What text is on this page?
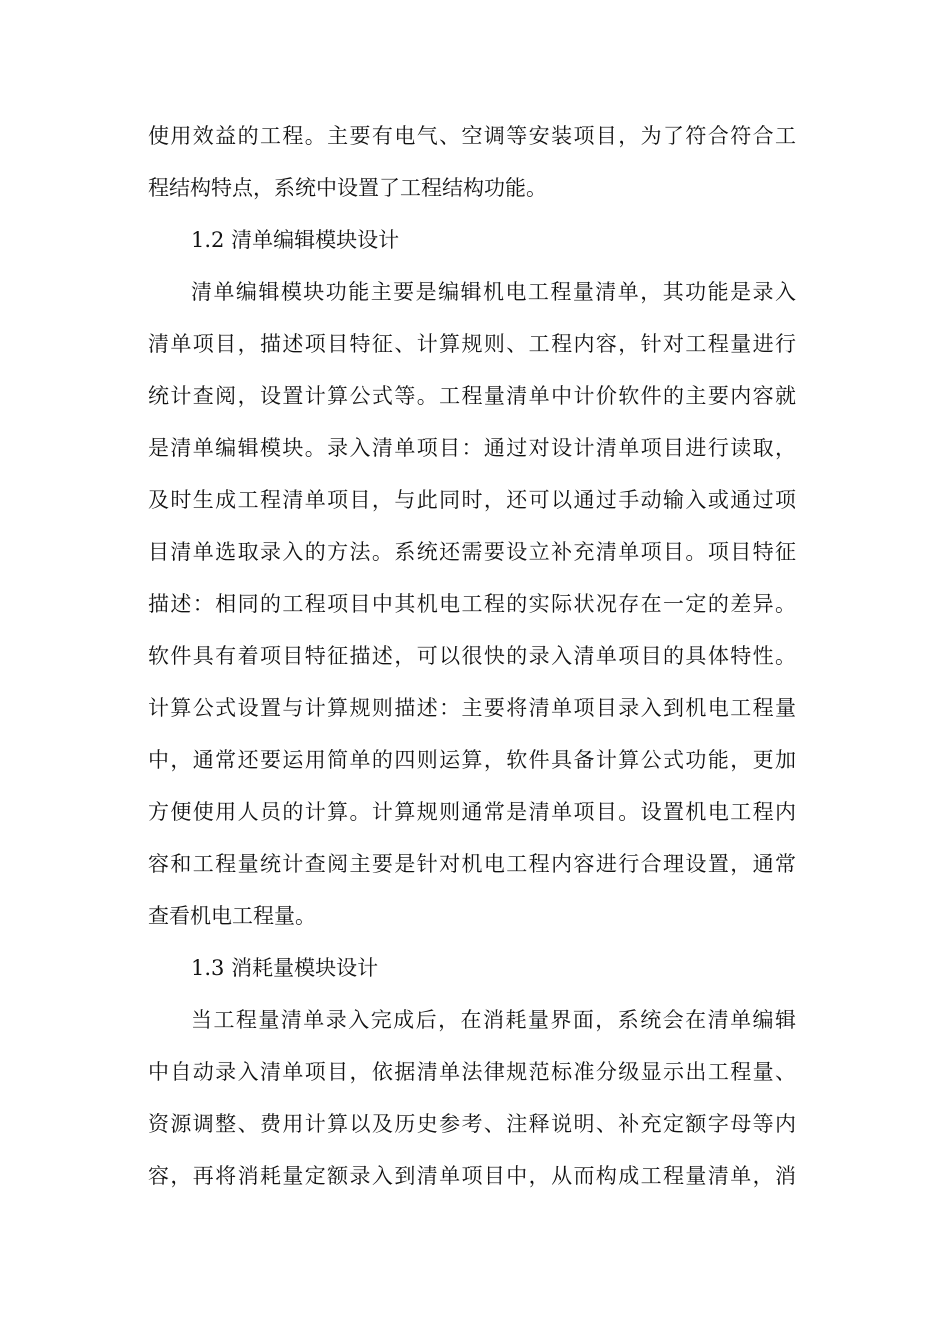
使用效益的工程。主要有电气、空调等安装项目，为了符合符合工
程结构特点，系统中设置了工程结构功能。
1.2 清单编辑模块设计
清单编辑模块功能主要是编辑机电工程量清单，其功能是录入
清单项目，描述项目特征、计算规则、工程内容，针对工程量进行
统计查阅，设置计算公式等。工程量清单中计价软件的主要内容就
是清单编辑模块。录入清单项目：通过对设计清单项目进行读取，
及时生成工程清单项目，与此同时，还可以通过手动输入或通过项
目清单选取录入的方法。系统还需要设立补充清单项目。项目特征
描述：相同的工程项目中其机电工程的实际状况存在一定的差异。
软件具有着项目特征描述，可以很快的录入清单项目的具体特性。
计算公式设置与计算规则描述：主要将清单项目录入到机电工程量
中，通常还要运用简单的四则运算，软件具备计算公式功能，更加
方便使用人员的计算。计算规则通常是清单项目。设置机电工程内
容和工程量统计查阅主要是针对机电工程内容进行合理设置，通常
查看机电工程量。
1.3 消耗量模块设计
当工程量清单录入完成后，在消耗量界面，系统会在清单编辑
中自动录入清单项目，依据清单法律规范标准分级显示出工程量、
资源调整、费用计算以及历史参考、注释说明、补充定额字母等内
容，再将消耗量定额录入到清单项目中，从而构成工程量清单，消
